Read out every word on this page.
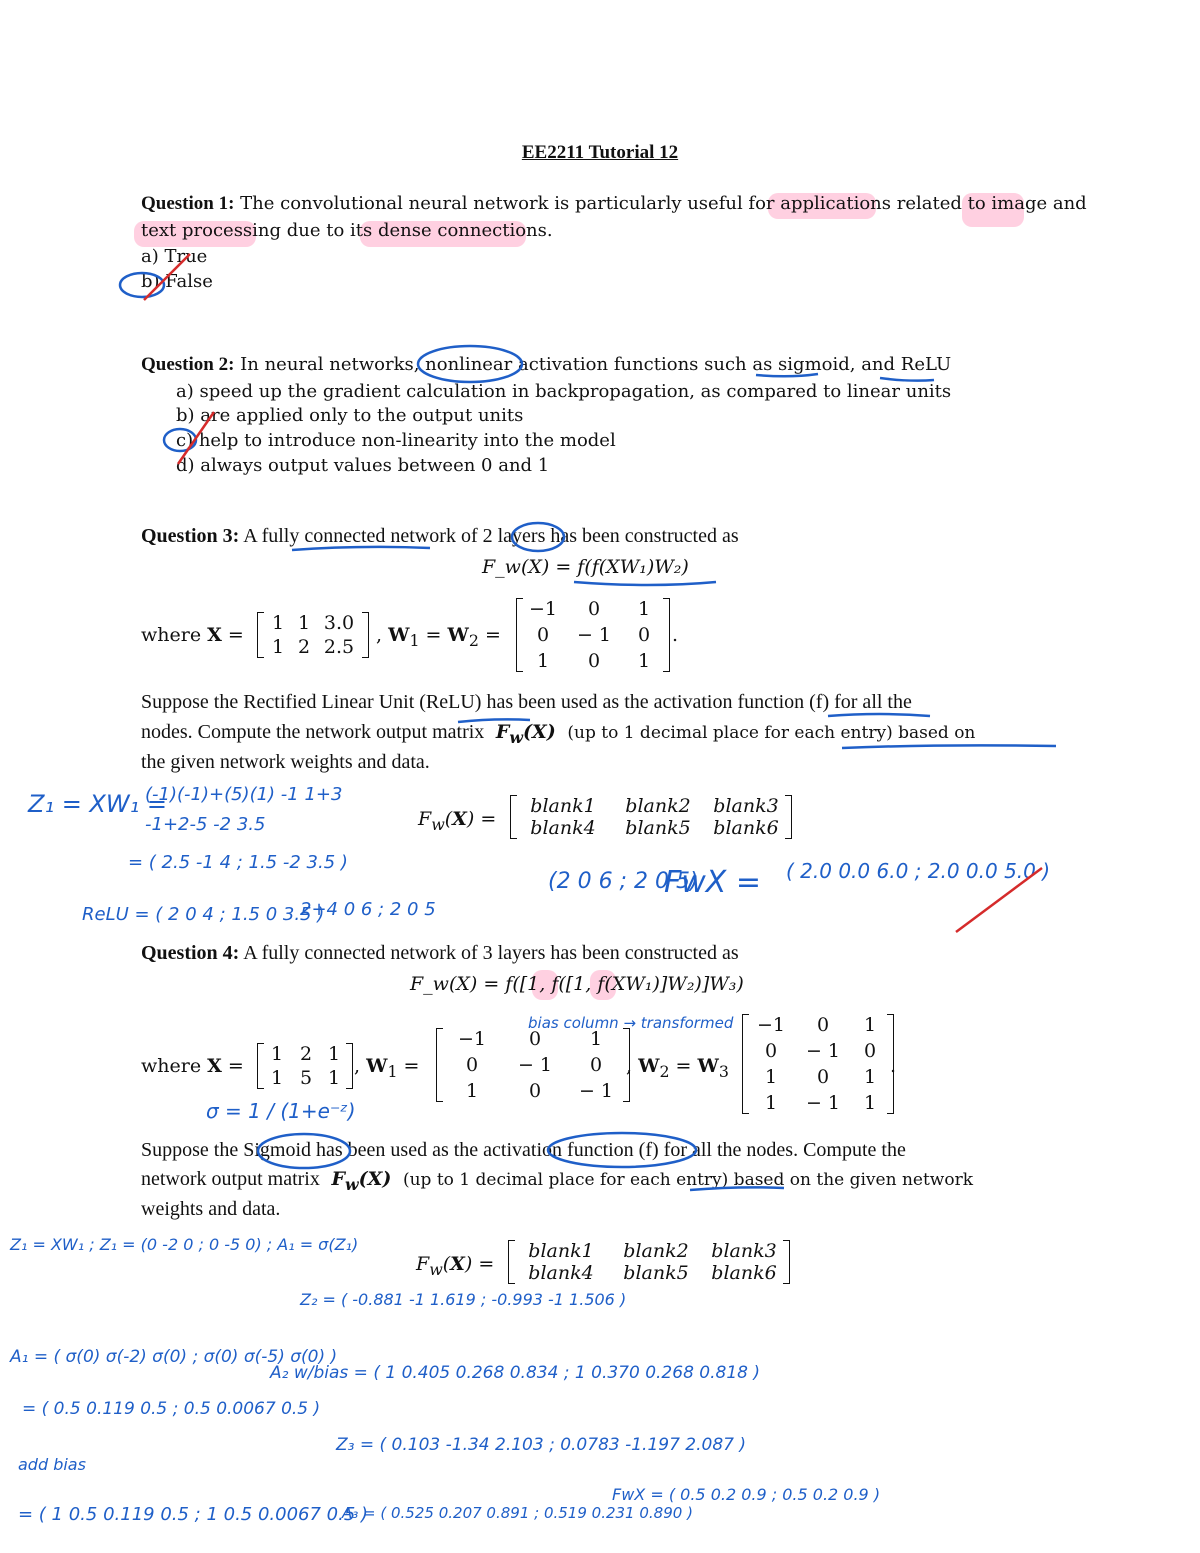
EE2211 Tutorial 12
Question 1: The convolutional neural network is particularly useful for applications related to image and
text processing due to its dense connections.
a) True
b) False
Question 2: In neural networks, nonlinear activation functions such as sigmoid, and ReLU
a) speed up the gradient calculation in backpropagation, as compared to linear units
b) are applied only to the output units
c) help to introduce non-linearity into the model
d) always output values between 0 and 1
Question 3: A fully connected network of 2 layers has been constructed as
F_w(X) = f(f(XW₁)W₂)
where X =
1 1 3.0
1 2 2.5
, $W_1 = W_2$ =
−1	0	1
0	− 1	0
1	0	1
.
Suppose the Rectified Linear Unit (ReLU) has been used as the activation function (f) for all the
nodes. Compute the network output matrix  $F_w(X)$  (up to 1 decimal place for each entry) based on
the given network weights and data.
$F_w(X)$ =
blank1	blank2	blank3
blank4	blank5	blank6
Question 4: A fully connected network of 3 layers has been constructed as
F_w(X) = f([1, f([1, f(XW₁)]W₂)]W₃)
where X =
1 2 1
1 5 1
, $W_1$ =
−1	0	1
0	− 1	0
1	0	− 1
, $W_2 = W_3$
−1	0	1
0	− 1	0
1	0	1
1	− 1	1
.
Suppose the Sigmoid has been used as the activation function (f) for all the nodes. Compute the
network output matrix  $F_w(X)$  (up to 1 decimal place for each entry) based on the given network
weights and data.
$F_w(X)$ =
blank1	blank2	blank3
blank4	blank5	blank6
Z₁ = XW₁ =
(-1)(-1)+(5)(1) -1 1+3
-1+2-5 -2 3.5
= ( 2.5 -1 4 ; 1.5 -2 3.5 )
ReLU = ( 2 0 4 ; 1.5 0 3.5 )
2+4 0 6 ; 2 0 5
(2 0 6 ; 2 0 5)
FwX = ( 2.0 0.0 6.0 ; 2.0 0.0 5.0 )
bias column → transformed
σ = 1 / (1+e⁻ᶻ)
Z₁ = XW₁ ; Z₁ = (0 -2 0 ; 0 -5 0) ; A₁ = σ(Z₁)
A₁ = ( σ(0) σ(-2) σ(0) ; σ(0) σ(-5) σ(0) )
= ( 0.5 0.119 0.5 ; 0.5 0.0067 0.5 )
add bias
= ( 1 0.5 0.119 0.5 ; 1 0.5 0.0067 0.5 )
Z₂ = ( -0.881 -1 1.619 ; -0.993 -1 1.506 )
A₂ w/bias = ( 1 0.405 0.268 0.834 ; 1 0.370 0.268 0.818 )
Z₃ = ( 0.103 -1.34 2.103 ; 0.0783 -1.197 2.087 )
A₃ = ( 0.525 0.207 0.891 ; 0.519 0.231 0.890 )
FwX = ( 0.5 0.2 0.9 ; 0.5 0.2 0.9 )
